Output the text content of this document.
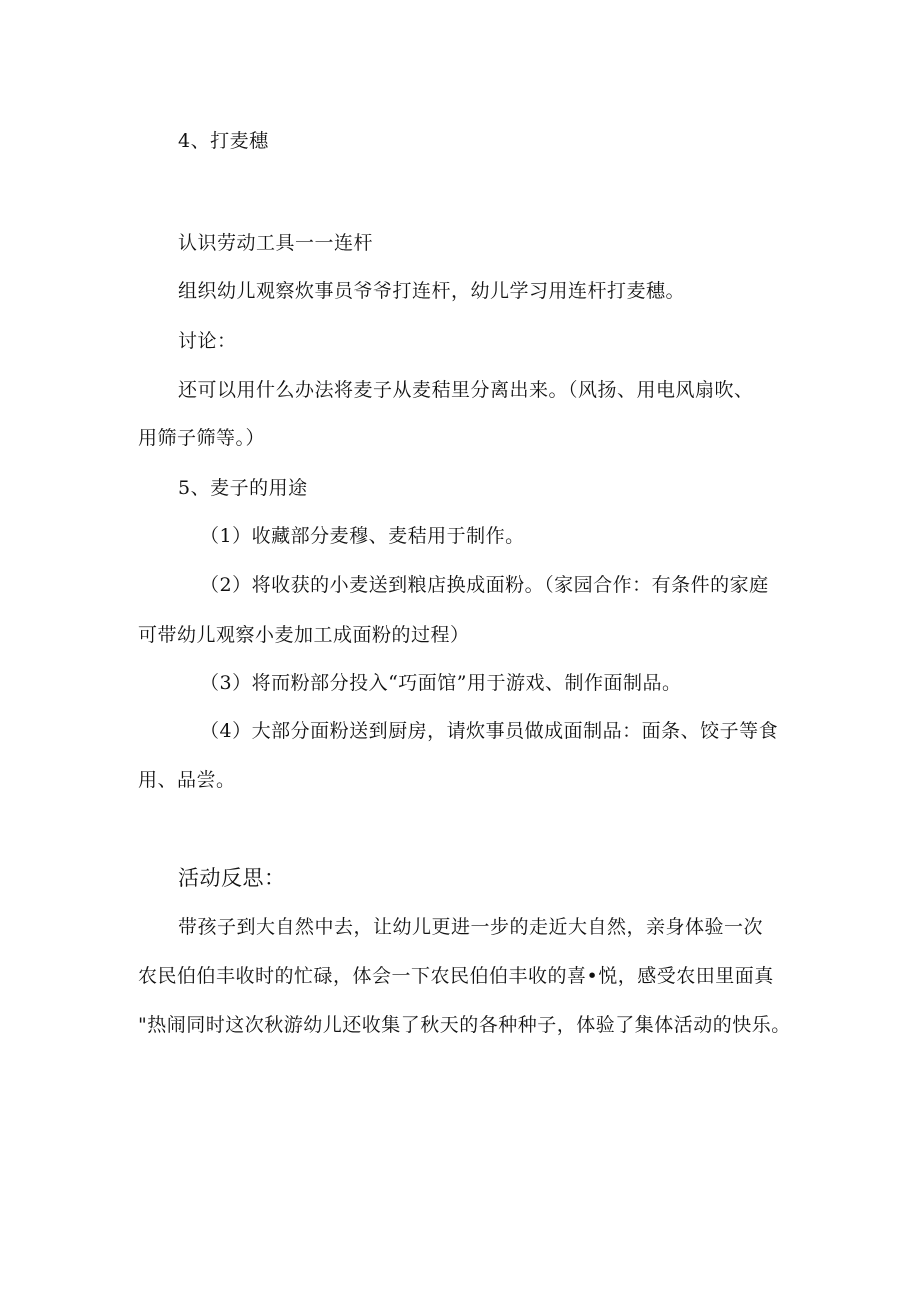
4、打麦穗
认识劳动工具一一连杆
组织幼儿观察炊事员爷爷打连杆，幼儿学习用连杆打麦穗。
讨论：
还可以用什么办法将麦子从麦秸里分离出来。（风扬、用电风扇吹、
用筛子筛等。）
5、麦子的用途
（1）收藏部分麦穆、麦秸用于制作。
（2）将收获的小麦送到粮店换成面粉。（家园合作：有条件的家庭
可带幼儿观察小麦加工成面粉的过程）
（3）将而粉部分投入“巧面馆”用于游戏、制作面制品。
（4）大部分面粉送到厨房，请炊事员做成面制品：面条、饺子等食
用、品尝。
活动反思：
带孩子到大自然中去，让幼儿更进一步的走近大自然，亲身体验一次
农民伯伯丰收时的忙碌，体会一下农民伯伯丰收的喜•悦，感受农田里面真
"热闹同时这次秋游幼儿还收集了秋天的各种种子，体验了集体活动的快乐。
